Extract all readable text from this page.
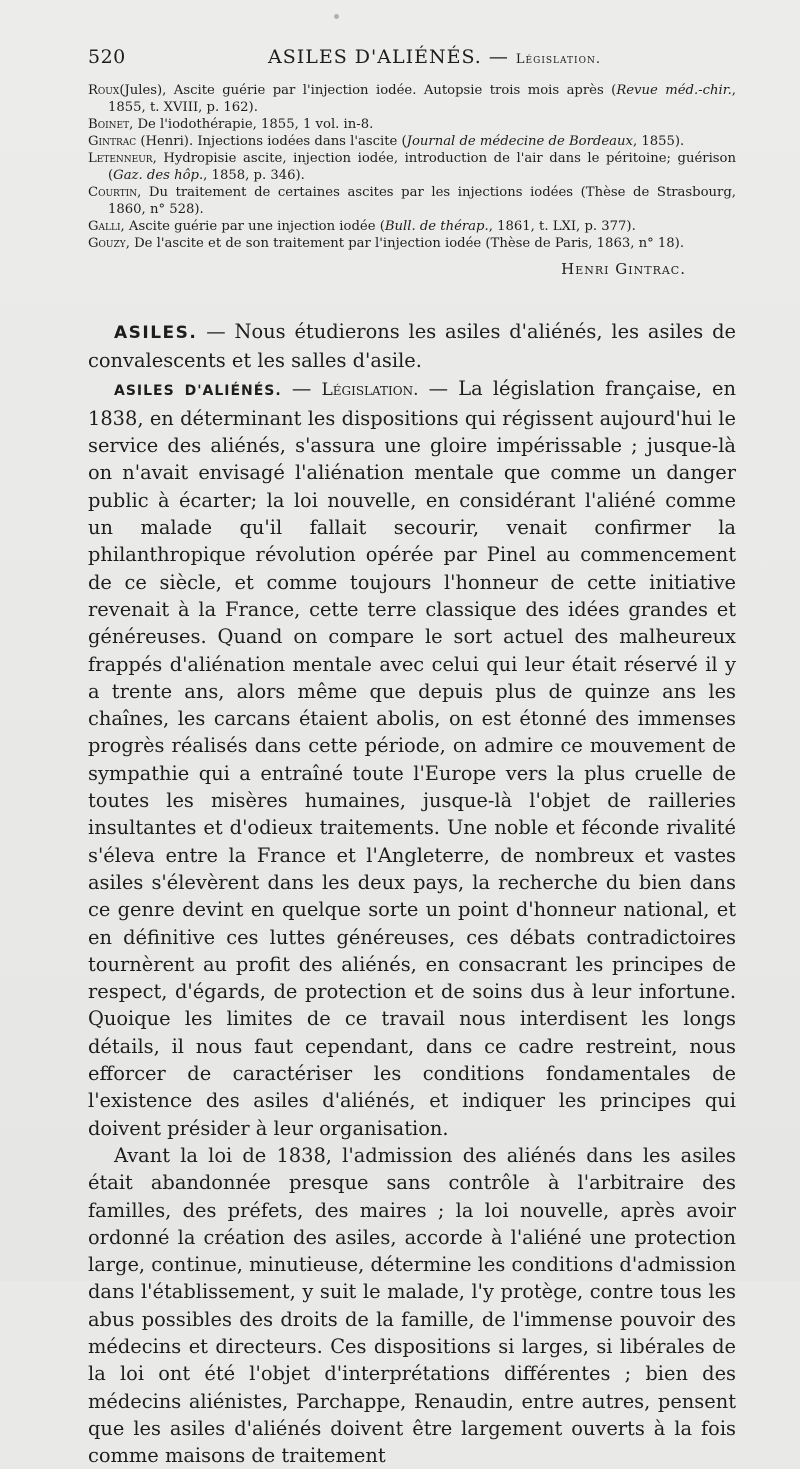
520	ASILES D'ALIÉNÉS. — Législation.

Roux(Jules), Ascite guérie par l'injection iodée. Autopsie trois mois après (Revue méd.-chir., 1855, t. XVIII, p. 162).

Boinet, De l'iodothérapie, 1855, 1 vol. in-8.

Gintrac (Henri). Injections iodées dans l'ascite (Journal de médecine de Bordeaux, 1855).

Letenneur, Hydropisie ascite, injection iodée, introduction de l'air dans le péritoine; guérison (Gaz. des hôp., 1858, p. 346).

Courtin, Du traitement de certaines ascites par les injections iodées (Thèse de Strasbourg, 1860, n° 528).

Galli, Ascite guérie par une injection iodée (Bull. de thérap., 1861, t. LXI, p. 377).

Gouzy, De l'ascite et de son traitement par l'injection iodée (Thèse de Paris, 1863, n° 18).

Henri Gintrac.

ASILES. — Nous étudierons les asiles d'aliénés, les asiles de convalescents et les salles d'asile.

ASILES D'ALIÉNÉS. — Législation. — La législation française, en 1838, en déterminant les dispositions qui régissent aujourd'hui le service des aliénés, s'assura une gloire impérissable ; jusque-là on n'avait envisagé l'aliénation mentale que comme un danger public à écarter; la loi nouvelle, en considérant l'aliéné comme un malade qu'il fallait secourir, venait confirmer la philanthropique révolution opérée par Pinel au commencement de ce siècle, et comme toujours l'honneur de cette initiative revenait à la France, cette terre classique des idées grandes et généreuses. Quand on compare le sort actuel des malheureux frappés d'aliénation mentale avec celui qui leur était réservé il y a trente ans, alors même que depuis plus de quinze ans les chaînes, les carcans étaient abolis, on est étonné des immenses progrès réalisés dans cette période, on admire ce mouvement de sympathie qui a entraîné toute l'Europe vers la plus cruelle de toutes les misères humaines, jusque-là l'objet de railleries insultantes et d'odieux traitements. Une noble et féconde rivalité s'éleva entre la France et l'Angleterre, de nombreux et vastes asiles s'élevèrent dans les deux pays, la recherche du bien dans ce genre devint en quelque sorte un point d'honneur national, et en définitive ces luttes généreuses, ces débats contradictoires tournèrent au profit des aliénés, en consacrant les principes de respect, d'égards, de protection et de soins dus à leur infortune. Quoique les limites de ce travail nous interdisent les longs détails, il nous faut cependant, dans ce cadre restreint, nous efforcer de caractériser les conditions fondamentales de l'existence des asiles d'aliénés, et indiquer les principes qui doivent présider à leur organisation.

Avant la loi de 1838, l'admission des aliénés dans les asiles était abandonnée presque sans contrôle à l'arbitraire des familles, des préfets, des maires ; la loi nouvelle, après avoir ordonné la création des asiles, accorde à l'aliéné une protection large, continue, minutieuse, détermine les conditions d'admission dans l'établissement, y suit le malade, l'y protège, contre tous les abus possibles des droits de la famille, de l'immense pouvoir des médecins et directeurs. Ces dispositions si larges, si libérales de la loi ont été l'objet d'interprétations différentes ; bien des médecins aliénistes, Parchappe, Renaudin, entre autres, pensent que les asiles d'aliénés doivent être largement ouverts à la fois comme maisons de traitement
